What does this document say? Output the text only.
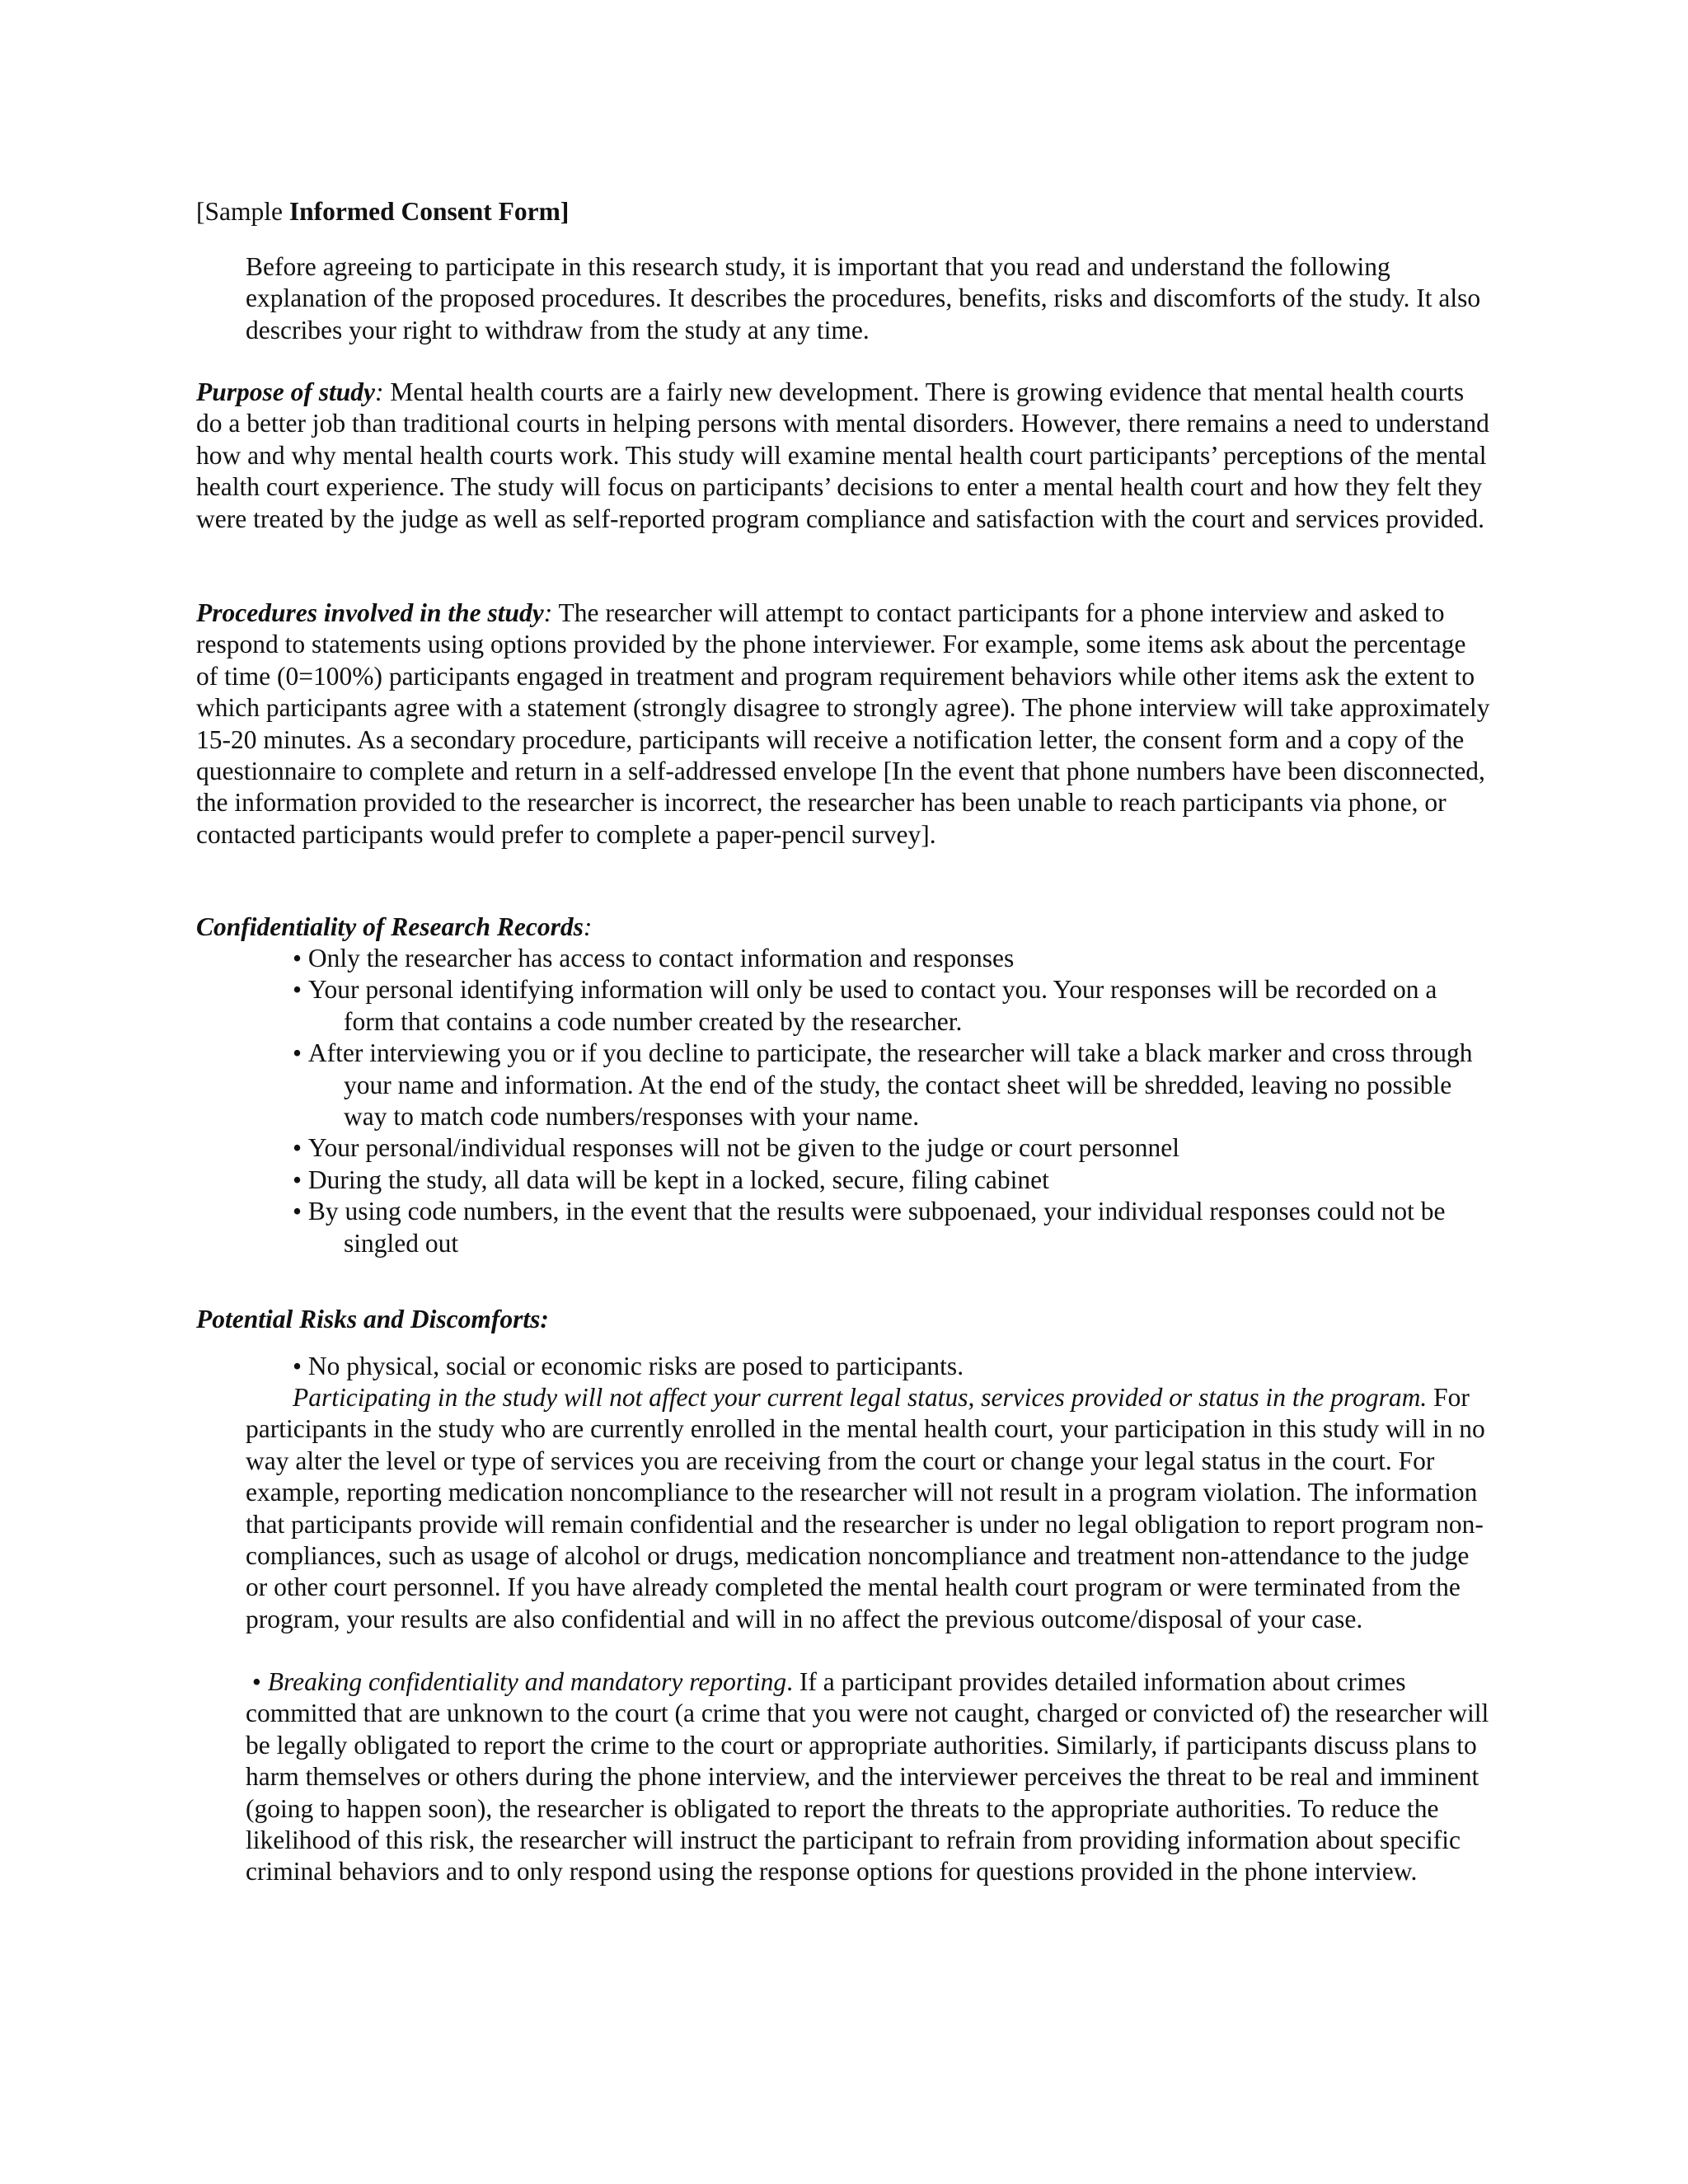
[Sample Informed Consent Form]
Before agreeing to participate in this research study, it is important that you read and understand the following explanation of the proposed procedures. It describes the procedures, benefits, risks and discomforts of the study. It also describes your right to withdraw from the study at any time.
Purpose of study: Mental health courts are a fairly new development. There is growing evidence that mental health courts do a better job than traditional courts in helping persons with mental disorders. However, there remains a need to understand how and why mental health courts work. This study will examine mental health court participants’ perceptions of the mental health court experience. The study will focus on participants’ decisions to enter a mental health court and how they felt they were treated by the judge as well as self-reported program compliance and satisfaction with the court and services provided.
Procedures involved in the study: The researcher will attempt to contact participants for a phone interview and asked to respond to statements using options provided by the phone interviewer. For example, some items ask about the percentage of time (0=100%) participants engaged in treatment and program requirement behaviors while other items ask the extent to which participants agree with a statement (strongly disagree to strongly agree). The phone interview will take approximately 15-20 minutes. As a secondary procedure, participants will receive a notification letter, the consent form and a copy of the questionnaire to complete and return in a self-addressed envelope [In the event that phone numbers have been disconnected, the information provided to the researcher is incorrect, the researcher has been unable to reach participants via phone, or contacted participants would prefer to complete a paper-pencil survey].
Confidentiality of Research Records:
• Only the researcher has access to contact information and responses
• Your personal identifying information will only be used to contact you. Your responses will be recorded on a form that contains a code number created by the researcher.
• After interviewing you or if you decline to participate, the researcher will take a black marker and cross through your name and information. At the end of the study, the contact sheet will be shredded, leaving no possible way to match code numbers/responses with your name.
• Your personal/individual responses will not be given to the judge or court personnel
• During the study, all data will be kept in a locked, secure, filing cabinet
• By using code numbers, in the event that the results were subpoenaed, your individual responses could not be singled out
Potential Risks and Discomforts:
• No physical, social or economic risks are posed to participants.
Participating in the study will not affect your current legal status, services provided or status in the program. For participants in the study who are currently enrolled in the mental health court, your participation in this study will in no way alter the level or type of services you are receiving from the court or change your legal status in the court. For example, reporting medication noncompliance to the researcher will not result in a program violation. The information that participants provide will remain confidential and the researcher is under no legal obligation to report program non-compliances, such as usage of alcohol or drugs, medication noncompliance and treatment non-attendance to the judge or other court personnel. If you have already completed the mental health court program or were terminated from the program, your results are also confidential and will in no affect the previous outcome/disposal of your case.
• Breaking confidentiality and mandatory reporting. If a participant provides detailed information about crimes committed that are unknown to the court (a crime that you were not caught, charged or convicted of) the researcher will be legally obligated to report the crime to the court or appropriate authorities. Similarly, if participants discuss plans to harm themselves or others during the phone interview, and the interviewer perceives the threat to be real and imminent (going to happen soon), the researcher is obligated to report the threats to the appropriate authorities. To reduce the likelihood of this risk, the researcher will instruct the participant to refrain from providing information about specific criminal behaviors and to only respond using the response options for questions provided in the phone interview.
